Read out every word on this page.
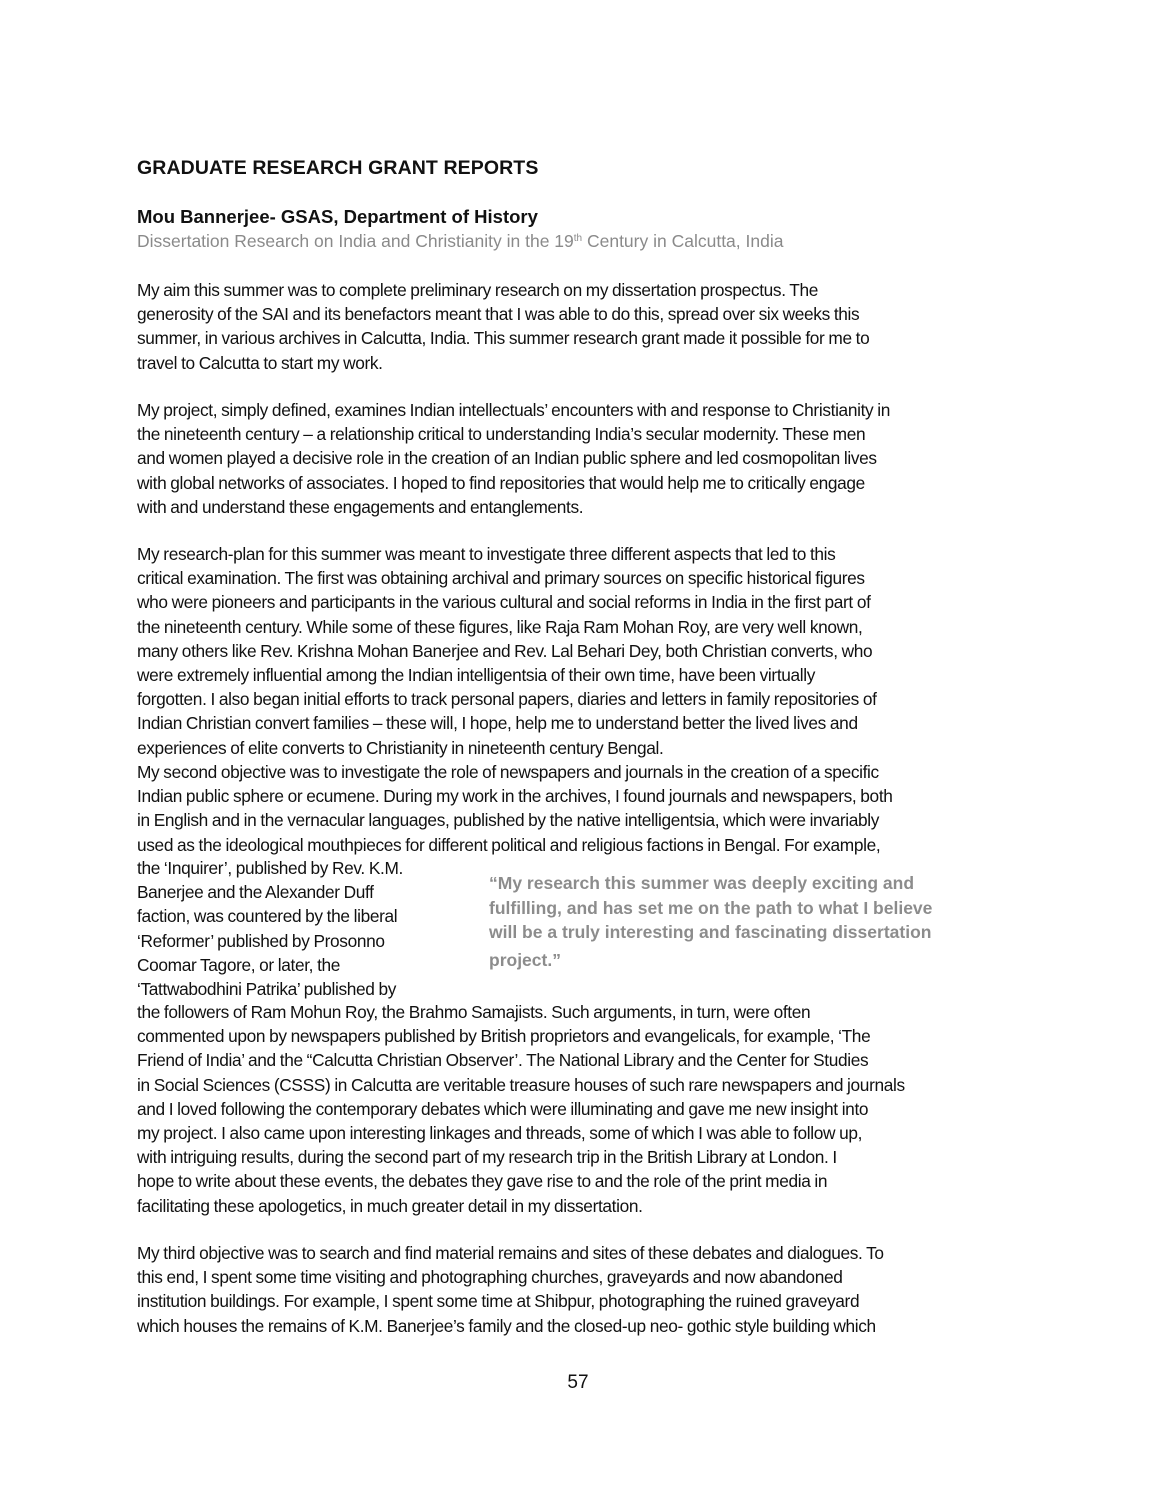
GRADUATE RESEARCH GRANT REPORTS
Mou Bannerjee- GSAS, Department of History

Dissertation Research on India and Christianity in the 19th Century in Calcutta, India

My aim this summer was to complete preliminary research on my dissertation prospectus. The
generosity of the SAI and its benefactors meant that I was able to do this, spread over six weeks this
summer, in various archives in Calcutta, India. This summer research grant made it possible for me to
travel to Calcutta to start my work.

My project, simply defined, examines Indian intellectuals’ encounters with and response to Christianity in
the nineteenth century – a relationship critical to understanding India’s secular modernity. These men
and women played a decisive role in the creation of an Indian public sphere and led cosmopolitan lives
with global networks of associates. I hoped to find repositories that would help me to critically engage
with and understand these engagements and entanglements.

My research-plan for this summer was meant to investigate three different aspects that led to this
critical examination. The first was obtaining archival and primary sources on specific historical figures
who were pioneers and participants in the various cultural and social reforms in India in the first part of
the nineteenth century. While some of these figures, like Raja Ram Mohan Roy, are very well known,
many others like Rev. Krishna Mohan Banerjee and Rev. Lal Behari Dey, both Christian converts, who
were extremely influential among the Indian intelligentsia of their own time, have been virtually
forgotten. I also began initial efforts to track personal papers, diaries and letters in family repositories of
Indian Christian convert families – these will, I hope, help me to understand better the lived lives and
experiences of elite converts to Christianity in nineteenth century Bengal.

My second objective was to investigate the role of newspapers and journals in the creation of a specific
Indian public sphere or ecumene. During my work in the archives, I found journals and newspapers, both
in English and in the vernacular languages, published by the native intelligentsia, which were invariably
used as the ideological mouthpieces for different political and religious factions in Bengal. For example,

the ‘Inquirer’, published by Rev. K.M.
Banerjee and the Alexander Duff
faction, was countered by the liberal
‘Reformer’ published by Prosonno
Coomar Tagore, or later, the
‘Tattwabodhini Patrika’ published by

“My research this summer was deeply exciting and
fulfilling, and has set me on the path to what I believe
will be a truly interesting and fascinating dissertation
project.”

the followers of Ram Mohun Roy, the Brahmo Samajists. Such arguments, in turn, were often
commented upon by newspapers published by British proprietors and evangelicals, for example, ‘The
Friend of India’ and the “Calcutta Christian Observer’. The National Library and the Center for Studies
in Social Sciences (CSSS) in Calcutta are veritable treasure houses of such rare newspapers and journals
and I loved following the contemporary debates which were illuminating and gave me new insight into
my project. I also came upon interesting linkages and threads, some of which I was able to follow up,
with intriguing results, during the second part of my research trip in the British Library at London. I
hope to write about these events, the debates they gave rise to and the role of the print media in
facilitating these apologetics, in much greater detail in my dissertation.

My third objective was to search and find material remains and sites of these debates and dialogues. To
this end, I spent some time visiting and photographing churches, graveyards and now abandoned
institution buildings. For example, I spent some time at Shibpur, photographing the ruined graveyard
which houses the remains of K.M. Banerjee’s family and the closed-up neo- gothic style building which

57
